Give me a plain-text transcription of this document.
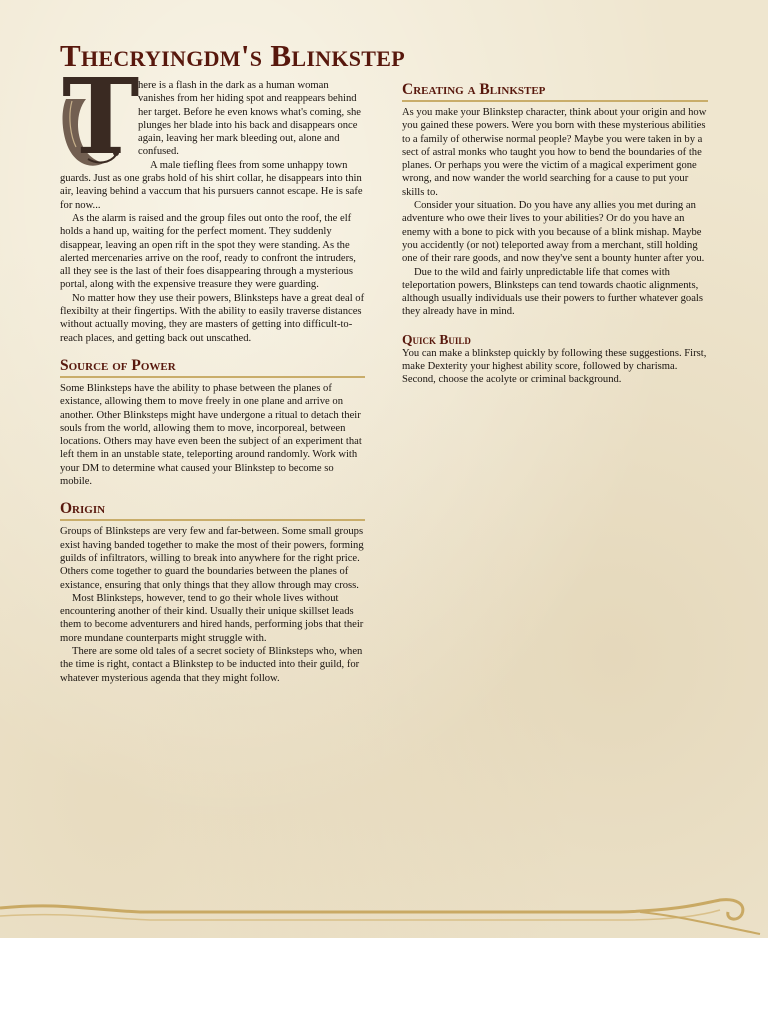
Thecryingdm's Blinkstep
T

here is a flash in the dark as a human woman vanishes from her hiding spot and reappears behind her target. Before he even knows what's coming, she plunges her blade into his back and disappears once again, leaving her mark bleeding out, alone and confused.

A male tiefling flees from some unhappy town guards. Just as one grabs hold of his shirt collar, he disappears into thin air, leaving behind a vaccum that his pursuers cannot escape. He is safe for now...

As the alarm is raised and the group files out onto the roof, the elf holds a hand up, waiting for the perfect moment. They suddenly disappear, leaving an open rift in the spot they were standing. As the alerted mercenaries arrive on the roof, ready to confront the intruders, all they see is the last of their foes disappearing through a mysterious portal, along with the expensive treasure they were guarding.

No matter how they use their powers, Blinksteps have a great deal of flexibilty at their fingertips. With the ability to easily traverse distances without actually moving, they are masters of getting into difficult-to-reach places, and getting back out unscathed.

Source of Power

Some Blinksteps have the ability to phase between the planes of existance, allowing them to move freely in one plane and arrive on another. Other Blinksteps might have undergone a ritual to detach their souls from the world, allowing them to move, incorporeal, between locations. Others may have even been the subject of an experiment that left them in an unstable state, teleporting around randomly. Work with your DM to determine what caused your Blinkstep to become so mobile.

Origin

Groups of Blinksteps are very few and far-between. Some small groups exist having banded together to make the most of their powers, forming guilds of infiltrators, willing to break into anywhere for the right price. Others come together to guard the boundaries between the planes of existance, ensuring that only things that they allow through may cross.

Most Blinksteps, however, tend to go their whole lives without encountering another of their kind. Usually their unique skillset leads them to become adventurers and hired hands, performing jobs that their more mundane counterparts might struggle with.

There are some old tales of a secret society of Blinksteps who, when the time is right, contact a Blinkstep to be inducted into their guild, for whatever mysterious agenda that they might follow.

Creating a Blinkstep

As you make your Blinkstep character, think about your origin and how you gained these powers. Were you born with these mysterious abilities to a family of otherwise normal people? Maybe you were taken in by a sect of astral monks who taught you how to bend the boundaries of the planes. Or perhaps you were the victim of a magical experiment gone wrong, and now wander the world searching for a cause to put your skills to.

Consider your situation. Do you have any allies you met during an adventure who owe their lives to your abilities? Or do you have an enemy with a bone to pick with you because of a blink mishap. Maybe you accidently (or not) teleported away from a merchant, still holding one of their rare goods, and now they've sent a bounty hunter after you.

Due to the wild and fairly unpredictable life that comes with teleportation powers, Blinksteps can tend towards chaotic alignments, although usually individuals use their powers to further whatever goals they already have in mind.

Quick Build

You can make a blinkstep quickly by following these suggestions. First, make Dexterity your highest ability score, followed by charisma. Second, choose the acolyte or criminal background.
